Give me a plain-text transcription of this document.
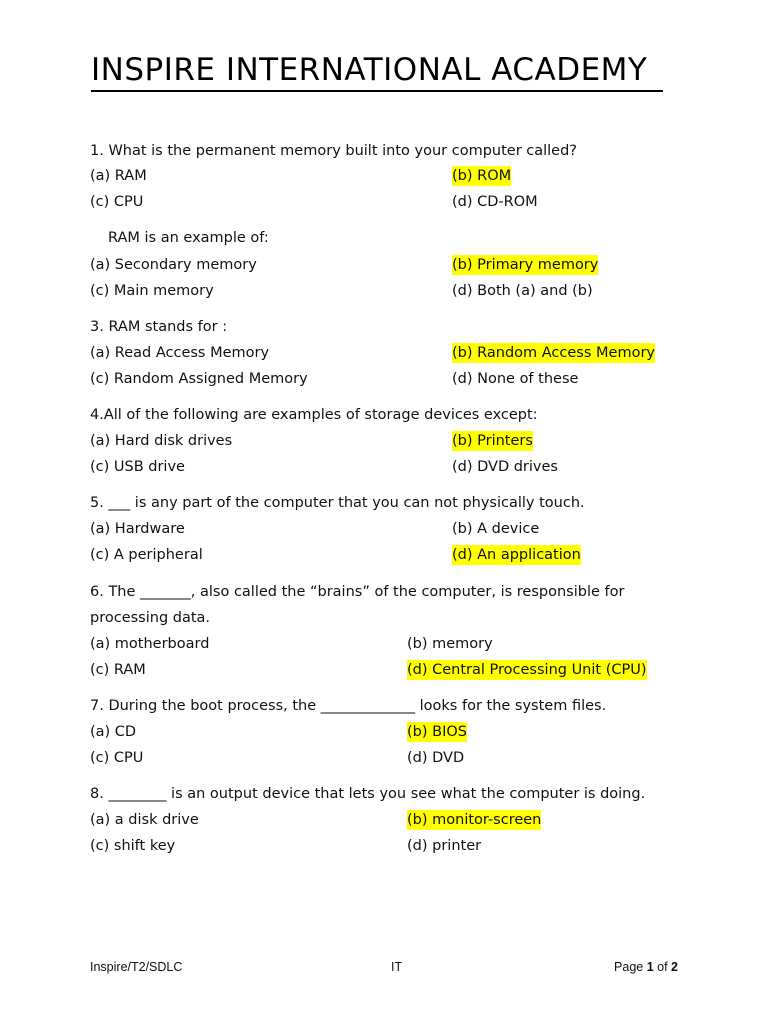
INSPIRE INTERNATIONAL ACADEMY
1. What is the permanent memory built into your computer called?
(a) RAM	(b) ROM
(c) CPU	(d) CD-ROM
RAM is an example of:
(a) Secondary memory	(b) Primary memory
(c) Main memory	(d) Both (a) and (b)
3. RAM stands for :
(a) Read Access Memory	(b) Random Access Memory
(c) Random Assigned Memory	(d) None of these
4.All of the following are examples of storage devices except:
(a) Hard disk drives	(b) Printers
(c) USB drive	(d) DVD drives
5. ___ is any part of the computer that you can not physically touch.
(a) Hardware	(b) A device
(c) A peripheral	(d) An application
6. The _______, also called the “brains” of the computer, is responsible for processing data.
(a) motherboard	(b) memory
(c) RAM	(d) Central Processing Unit (CPU)
7. During the boot process, the _____________ looks for the system files.
(a) CD	(b) BIOS
(c) CPU	(d) DVD
8. ________ is an output device that lets you see what the computer is doing.
(a) a disk drive	(b) monitor-screen
(c) shift key	(d) printer
Inspire/T2/SDLC	IT	Page 1 of 2
